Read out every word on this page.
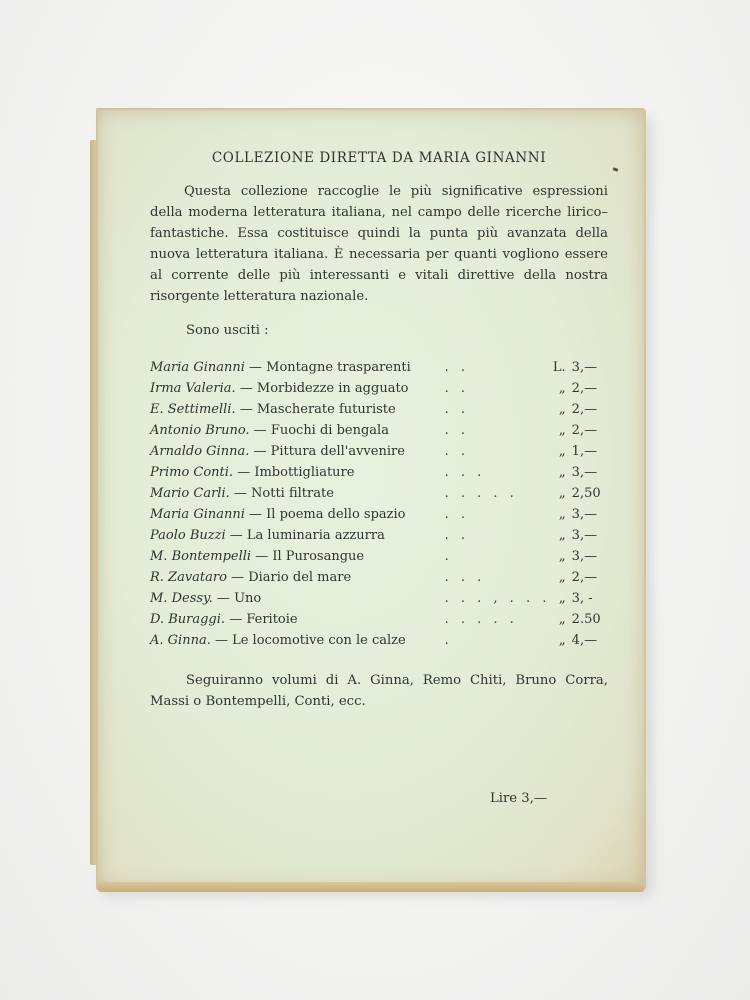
COLLEZIONE DIRETTA DA MARIA GINANNI

Questa collezione raccoglie le più significative espressioni della moderna letteratura italiana, nel campo delle ricerche lirico–fantastiche. Essa costituisce quindi la punta più avanzata della nuova letteratura italiana. È necessaria per quanti vogliono essere al corrente delle più interessanti e vitali direttive della nostra risorgente letteratura nazionale.

Sono usciti :
Maria Ginanni — Montagne trasparenti	. .	L.	3,—
Irma Valeria. — Morbidezze in agguato	. .	„	2,—
E. Settimelli. — Mascherate futuriste	. .	„	2,—
Antonio Bruno. — Fuochi di bengala	. .	„	2,—
Arnaldo Ginna. — Pittura dell'avvenire	. .	„	1,—
Primo Conti. — Imbottigliature	. . .	„	3,—
Mario Carli. — Notti filtrate	. . . . .	„	2,50
Maria Ginanni — Il poema dello spazio	. .	„	3,—
Paolo Buzzi — La luminaria azzurra	. .	„	3,—
M. Bontempelli — Il Purosangue	.	„	3,—
R. Zavataro — Diario del mare	. . .	„	2,—
M. Dessy. — Uno	. . . , . . .	„	3, -
D. Buraggi. — Feritoie	. . . . .	„	2.50
A. Ginna. — Le locomotive con le calze	.	„	4,—

Seguiranno volumi di A. Ginna, Remo Chiti, Bruno Corra, Massi o Bontempelli, Conti, ecc.

Lire 3,—
